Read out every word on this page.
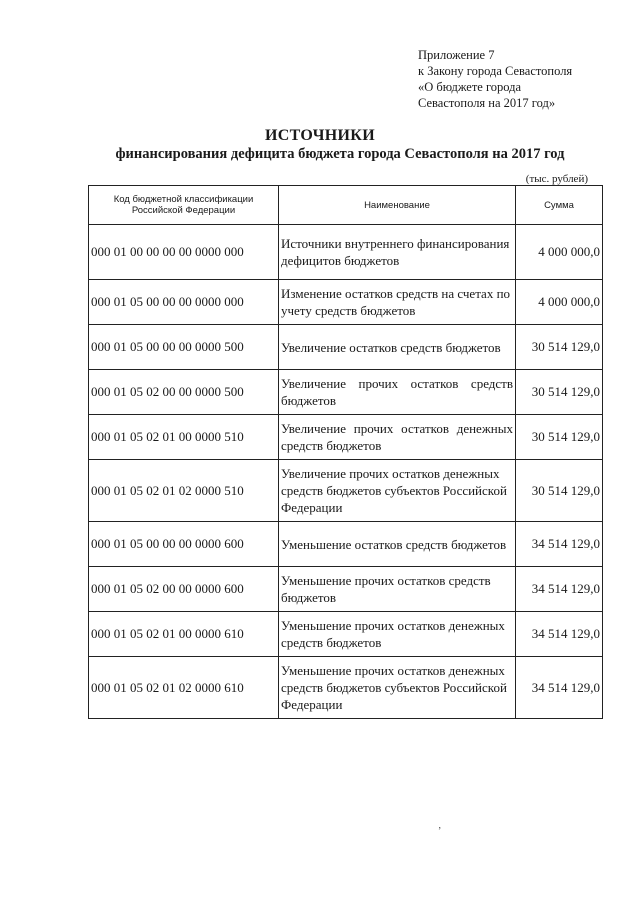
Приложение 7
к Закону города Севастополя
«О бюджете города
Севастополя на 2017 год»
ИСТОЧНИКИ
финансирования дефицита бюджета города Севастополя на 2017 год
(тыс. рублей)
Код бюджетной классификации Российской Федерации	Наименование	Сумма
000 01 00 00 00 00 0000 000	Источники внутреннего финансирования дефицитов бюджетов	4 000 000,0
000 01 05 00 00 00 0000 000	Изменение остатков средств на счетах по учету средств бюджетов	4 000 000,0
000 01 05 00 00 00 0000 500	Увеличение остатков средств бюджетов	30 514 129,0
000 01 05 02 00 00 0000 500	Увеличение прочих остатков средств бюджетов	30 514 129,0
000 01 05 02 01 00 0000 510	Увеличение прочих остатков денежных средств бюджетов	30 514 129,0
000 01 05 02 01 02 0000 510	Увеличение прочих остатков денежных средств бюджетов субъектов Российской Федерации	30 514 129,0
000 01 05 00 00 00 0000 600	Уменьшение остатков средств бюджетов	34 514 129,0
000 01 05 02 00 00 0000 600	Уменьшение прочих остатков средств бюджетов	34 514 129,0
000 01 05 02 01 00 0000 610	Уменьшение прочих остатков денежных средств бюджетов	34 514 129,0
000 01 05 02 01 02 0000 610	Уменьшение прочих остатков денежных средств бюджетов субъектов Российской Федерации	34 514 129,0
’
